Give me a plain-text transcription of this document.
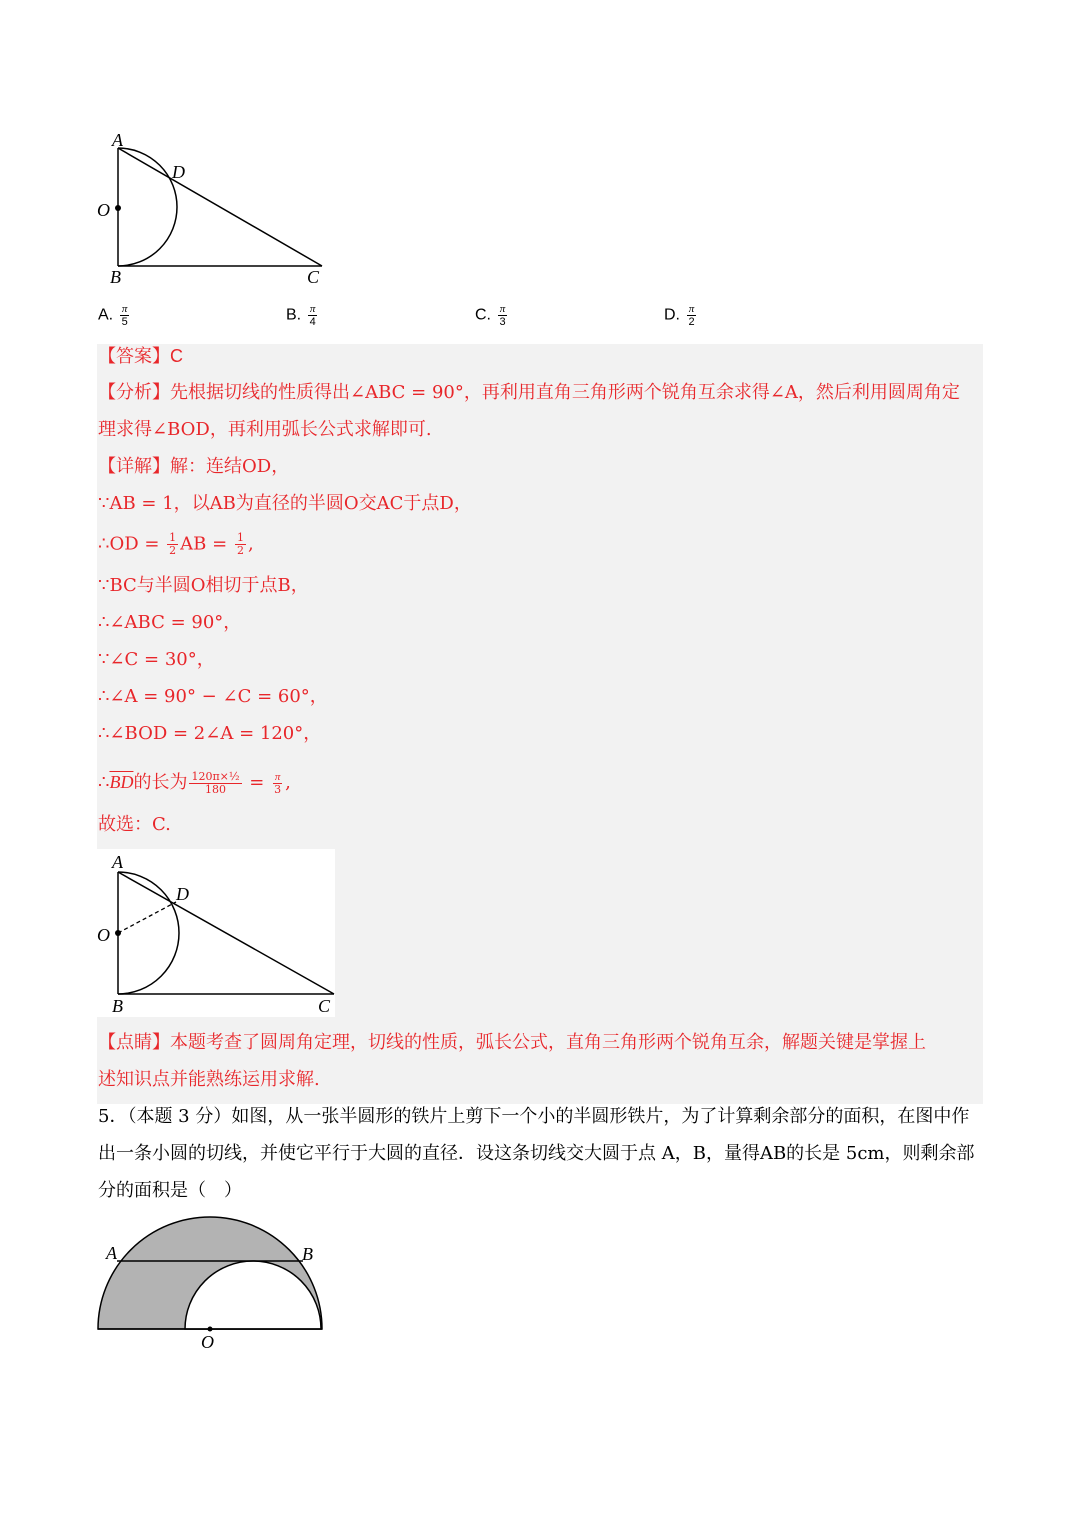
A
D
O
B	C
A. $\frac{\pi}{5}$	B. $\frac{\pi}{4}$	C. $\frac{\pi}{3}$	D. $\frac{\pi}{2}$
【答案】C
【分析】先根据切线的性质得出∠ABC = 90°，再利用直角三角形两个锐角互余求得∠A，然后利用圆周角定
理求得∠BOD，再利用弧长公式求解即可.
【详解】解：连结OD，
∵AB = 1，以AB为直径的半圆O交AC于点D，
∴OD = $\frac{1}{2}$ AB = $\frac{1}{2}$ ,
∵BC与半圆O相切于点B，
∴∠ABC = 90°，
∵∠C = 30°，
∴∠A = 90° − ∠C = 60°，
∴∠BOD = 2∠A = 120°，
$\therefore\overline{BD}$的长为 $\frac{\text{120π×½}}{180} = \frac{\pi}{3}$ ,
故选：C.
A
D
O
B	C
【点睛】本题考查了圆周角定理，切线的性质，弧长公式，直角三角形两个锐角互余，解题关键是掌握上
述知识点并能熟练运用求解.
5．（本题 3 分）如图，从一张半圆形的铁片上剪下一个小的半圆形铁片，为了计算剩余部分的面积，在图中作出一条小圆的切线，并使它平行于大圆的直径．设这条切线交大圆于点 A，B，量得AB的长是 5cm，则剩余部分的面积是（　）
A	B
O
